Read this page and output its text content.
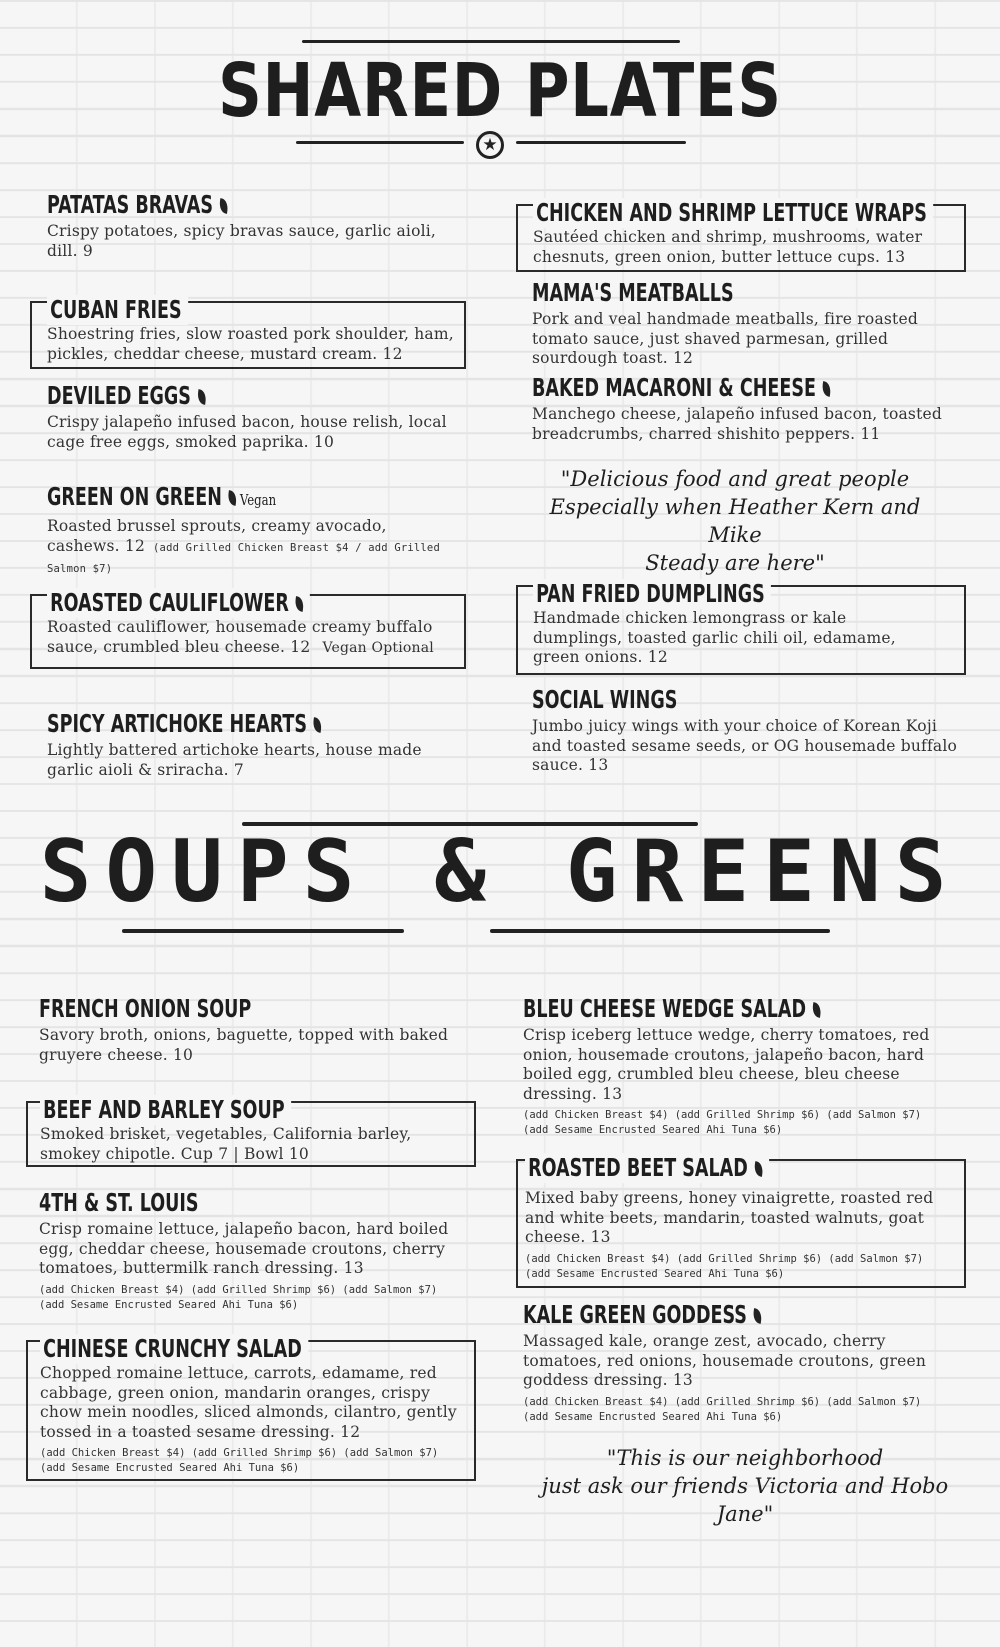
SHARED PLATES
★
PATATAS BRAVAS

Crispy potatoes, spicy bravas sauce, garlic aioli, dill. 9

CUBAN FRIES

Shoestring fries, slow roasted pork shoulder, ham, pickles, cheddar cheese, mustard cream. 12

DEVILED EGGS

Crispy jalapeño infused bacon, house relish, local cage free eggs, smoked paprika. 10

GREEN ON GREEN Vegan

Roasted brussel sprouts, creamy avocado, cashews. 12 (add Grilled Chicken Breast $4 / add Grilled Salmon $7)

ROASTED CAULIFLOWER

Roasted cauliflower, housemade creamy buffalo sauce, crumbled bleu cheese. 12 Vegan Optional

SPICY ARTICHOKE HEARTS

Lightly battered artichoke hearts, house made garlic aioli & sriracha. 7

CHICKEN AND SHRIMP LETTUCE WRAPS

Sautéed chicken and shrimp, mushrooms, water chesnuts, green onion, butter lettuce cups. 13

MAMA'S MEATBALLS

Pork and veal handmade meatballs, fire roasted tomato sauce, just shaved parmesan, grilled sourdough toast. 12

BAKED MACARONI & CHEESE

Manchego cheese, jalapeño infused bacon, toasted breadcrumbs, charred shishito peppers. 11

"Delicious food and great people
Especially when Heather Kern and Mike
Steady are here"
PAN FRIED DUMPLINGS

Handmade chicken lemongrass or kale dumplings, toasted garlic chili oil, edamame, green onions. 12

SOCIAL WINGS

Jumbo juicy wings with your choice of Korean Koji and toasted sesame seeds, or OG housemade buffalo sauce. 13

SOUPS & GREENS
FRENCH ONION SOUP

Savory broth, onions, baguette, topped with baked gruyere cheese. 10

BEEF AND BARLEY SOUP

Smoked brisket, vegetables, California barley, smokey chipotle. Cup 7 | Bowl 10

4TH & ST. LOUIS

Crisp romaine lettuce, jalapeño bacon, hard boiled egg, cheddar cheese, housemade croutons, cherry tomatoes, buttermilk ranch dressing. 13

(add Chicken Breast $4) (add Grilled Shrimp $6) (add Salmon $7)
(add Sesame Encrusted Seared Ahi Tuna $6)

CHINESE CRUNCHY SALAD

Chopped romaine lettuce, carrots, edamame, red cabbage, green onion, mandarin oranges, crispy chow mein noodles, sliced almonds, cilantro, gently tossed in a toasted sesame dressing. 12

(add Chicken Breast $4) (add Grilled Shrimp $6) (add Salmon $7)
(add Sesame Encrusted Seared Ahi Tuna $6)

BLEU CHEESE WEDGE SALAD

Crisp iceberg lettuce wedge, cherry tomatoes, red onion, housemade croutons, jalapeño bacon, hard boiled egg, crumbled bleu cheese, bleu cheese dressing. 13

(add Chicken Breast $4) (add Grilled Shrimp $6) (add Salmon $7)
(add Sesame Encrusted Seared Ahi Tuna $6)

ROASTED BEET SALAD

Mixed baby greens, honey vinaigrette, roasted red and white beets, mandarin, toasted walnuts, goat cheese. 13

(add Chicken Breast $4) (add Grilled Shrimp $6) (add Salmon $7)
(add Sesame Encrusted Seared Ahi Tuna $6)

KALE GREEN GODDESS

Massaged kale, orange zest, avocado, cherry tomatoes, red onions, housemade croutons, green goddess dressing. 13

(add Chicken Breast $4) (add Grilled Shrimp $6) (add Salmon $7)
(add Sesame Encrusted Seared Ahi Tuna $6)

"This is our neighborhood
just ask our friends Victoria and Hobo Jane"
